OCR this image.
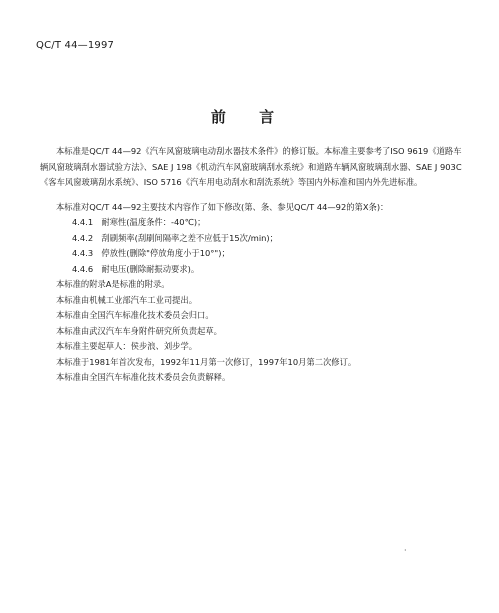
QC/T 44—1997
前 言
本标准是QC/T 44—92《汽车风窗玻璃电动刮水器技术条件》的修订版。本标准主要参考了ISO 9619《道路车辆风窗玻璃刮水器试验方法》、SAE J 198《机动汽车风窗玻璃刮水系统》和道路车辆风窗玻璃刮水器、SAE J 903C《客车风窗玻璃刮水系统》、ISO 5716《汽车用电动刮水和刮洗系统》等国内外标准和国内外先进标准。
本标准对QC/T 44—92主要技术内容作了如下修改(第、条、参见QC/T 44—92的第X条)：
4.4.1　耐寒性(温度条件：-40℃)；
4.4.2　刮刷频率(刮刷间隔率之差不应低于15次/min)；
4.4.3　停放性(删除"停放角度小于10°")；
4.4.6　耐电压(删除耐振动要求)。
本标准的附录A是标准的附录。
本标准由机械工业部汽车工业司提出。
本标准由全国汽车标准化技术委员会归口。
本标准由武汉汽车车身附件研究所负责起草。
本标准主要起草人：侯步浪、刘步学。
本标准于1981年首次发布，1992年11月第一次修订，1997年10月第二次修订。
本标准由全国汽车标准化技术委员会负责解释。
·
